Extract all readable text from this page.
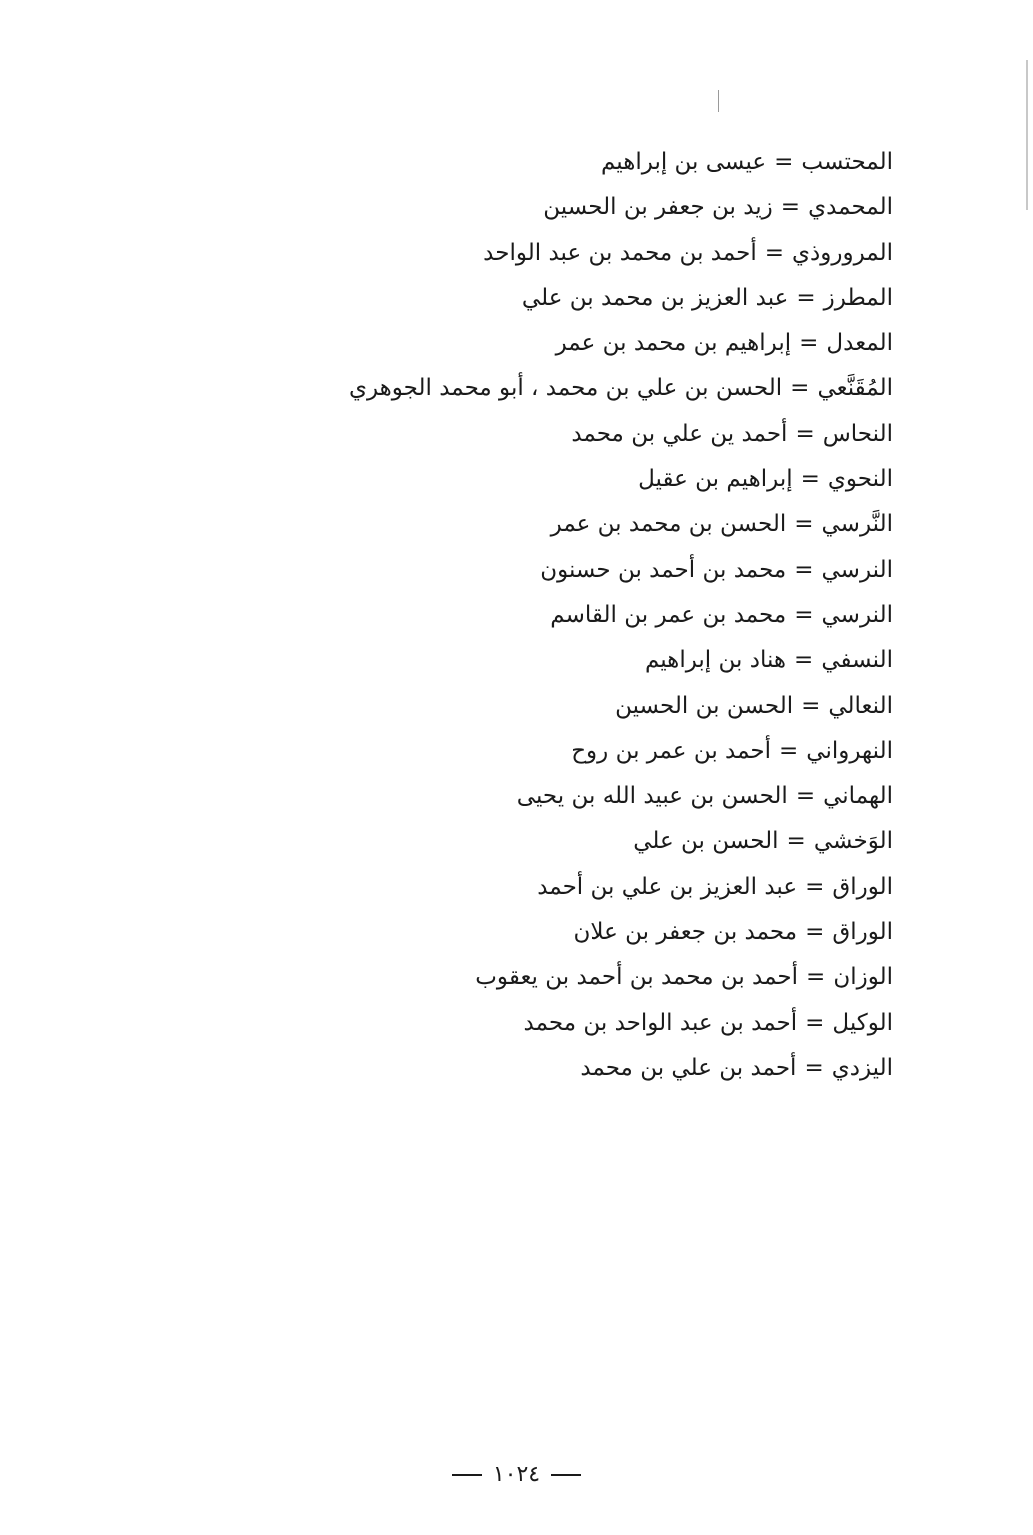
المحتسب=عيسى بن إبراهيم
المحمدي=زيد بن جعفر بن الحسين
المروروذي=أحمد بن محمد بن عبد الواحد
المطرز=عبد العزيز بن محمد بن علي
المعدل=إبراهيم بن محمد بن عمر
المُقَنَّعي=الحسن بن علي بن محمد ، أبو محمد الجوهري
النحاس=أحمد ين علي بن محمد
النحوي=إبراهيم بن عقيل
النَّرسي=الحسن بن محمد بن عمر
النرسي=محمد بن أحمد بن حسنون
النرسي=محمد بن عمر بن القاسم
النسفي=هناد بن إبراهيم
النعالي=الحسن بن الحسين
النهرواني=أحمد بن عمر بن روح
الهماني=الحسن بن عبيد الله بن يحيى
الوَخشي=الحسن بن علي
الوراق=عبد العزيز بن علي بن أحمد
الوراق=محمد بن جعفر بن علان
الوزان=أحمد بن محمد بن أحمد بن يعقوب
الوكيل=أحمد بن عبد الواحد بن محمد
اليزدي=أحمد بن علي بن محمد
١٠٢٤
